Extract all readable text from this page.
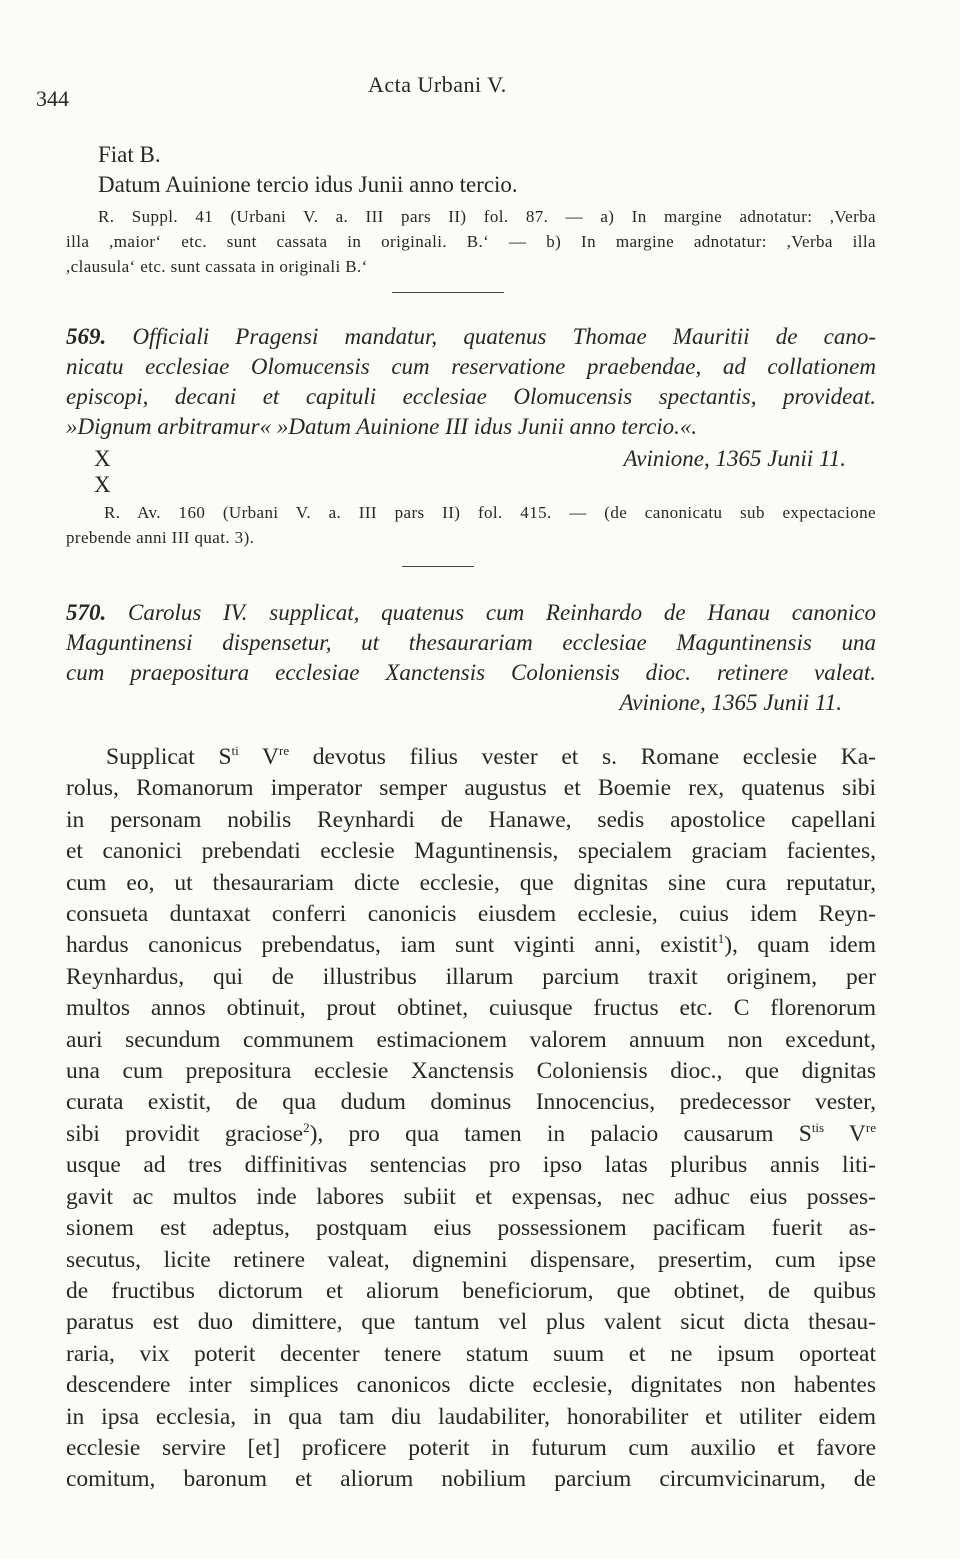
344
Acta Urbani V.
Fiat B.
Datum Auinione tercio idus Junii anno tercio.
R. Suppl. 41 (Urbani V. a. III pars II) fol. 87. — a) In margine adnotatur: ,Verba
illa ,maior‘ etc. sunt cassata in originali. B.‘ — b) In margine adnotatur: ,Verba illa
,clausula‘ etc. sunt cassata in originali B.‘
569. Officiali Pragensi mandatur, quatenus Thomae Mauritii de cano-
nicatu ecclesiae Olomucensis cum reservatione praebendae, ad collationem
episcopi, decani et capituli ecclesiae Olomucensis spectantis, provideat.
»Dignum arbitramur« »Datum Auinione III idus Junii anno tercio.«.
X	Avinione, 1365 Junii 11.
X
R. Av. 160 (Urbani V. a. III pars II) fol. 415. — (de canonicatu sub expectacione
prebende anni III quat. 3).
570. Carolus IV. supplicat, quatenus cum Reinhardo de Hanau canonico
Maguntinensi dispensetur, ut thesaurariam ecclesiae Maguntinensis una
cum praepositura ecclesiae Xanctensis Coloniensis dioc. retinere valeat.
Avinione, 1365 Junii 11.
Supplicat $S^{ti}$ Vre devotus filius vester et s. Romane ecclesie Ka-
rolus, Romanorum imperator semper augustus et Boemie rex, quatenus sibi
in personam nobilis Reynhardi de Hanawe, sedis apostolice capellani
et canonici prebendati ecclesie Maguntinensis, specialem graciam facientes,
cum eo, ut thesaurariam dicte ecclesie, que dignitas sine cura reputatur,
consueta duntaxat conferri canonicis eiusdem ecclesie, cuius idem Reyn-
hardus canonicus prebendatus, iam sunt viginti anni, existit$^1$), quam idem
Reynhardus, qui de illustribus illarum parcium traxit originem, per
multos annos obtinuit, prout obtinet, cuiusque fructus etc. C florenorum
auri secundum communem estimacionem valorem annuum non excedunt,
una cum prepositura ecclesie Xanctensis Coloniensis dioc., que dignitas
curata existit, de qua dudum dominus Innocencius, predecessor vester,
sibi providit graciose$^2$), pro qua tamen in palacio causarum $S^{tis}$ Vre
usque ad tres diffinitivas sentencias pro ipso latas pluribus annis liti-
gavit ac multos inde labores subiit et expensas, nec adhuc eius posses-
sionem est adeptus, postquam eius possessionem pacificam fuerit as-
secutus, licite retinere valeat, dignemini dispensare, presertim, cum ipse
de fructibus dictorum et aliorum beneficiorum, que obtinet, de quibus
paratus est duo dimittere, que tantum vel plus valent sicut dicta thesau-
raria, vix poterit decenter tenere statum suum et ne ipsum oporteat
descendere inter simplices canonicos dicte ecclesie, dignitates non habentes
in ipsa ecclesia, in qua tam diu laudabiliter, honorabiliter et utiliter eidem
ecclesie servire [et] proficere poterit in futurum cum auxilio et favore
comitum, baronum et aliorum nobilium parcium circumvicinarum, de
